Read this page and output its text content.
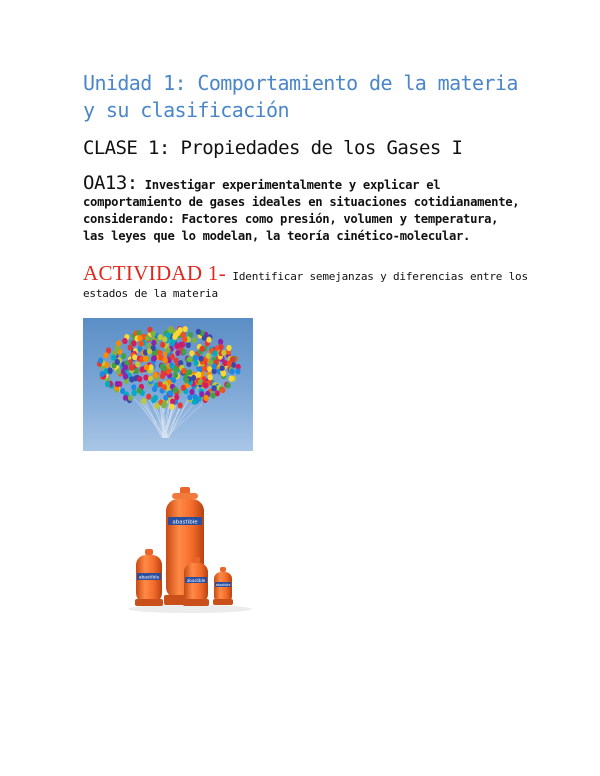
Unidad 1: Comportamiento de la materia y su clasificación
CLASE 1: Propiedades de los Gases I

OA13: Investigar experimentalmente y explicar el comportamiento de gases ideales en situaciones cotidianamente, considerando: Factores como presión, volumen y temperatura, las leyes que lo modelan, la teoría cinético-molecular.

ACTIVIDAD 1- Identificar semejanzas y diferencias entre los estados de la materia

abastible
abastible	abastible
abastible
